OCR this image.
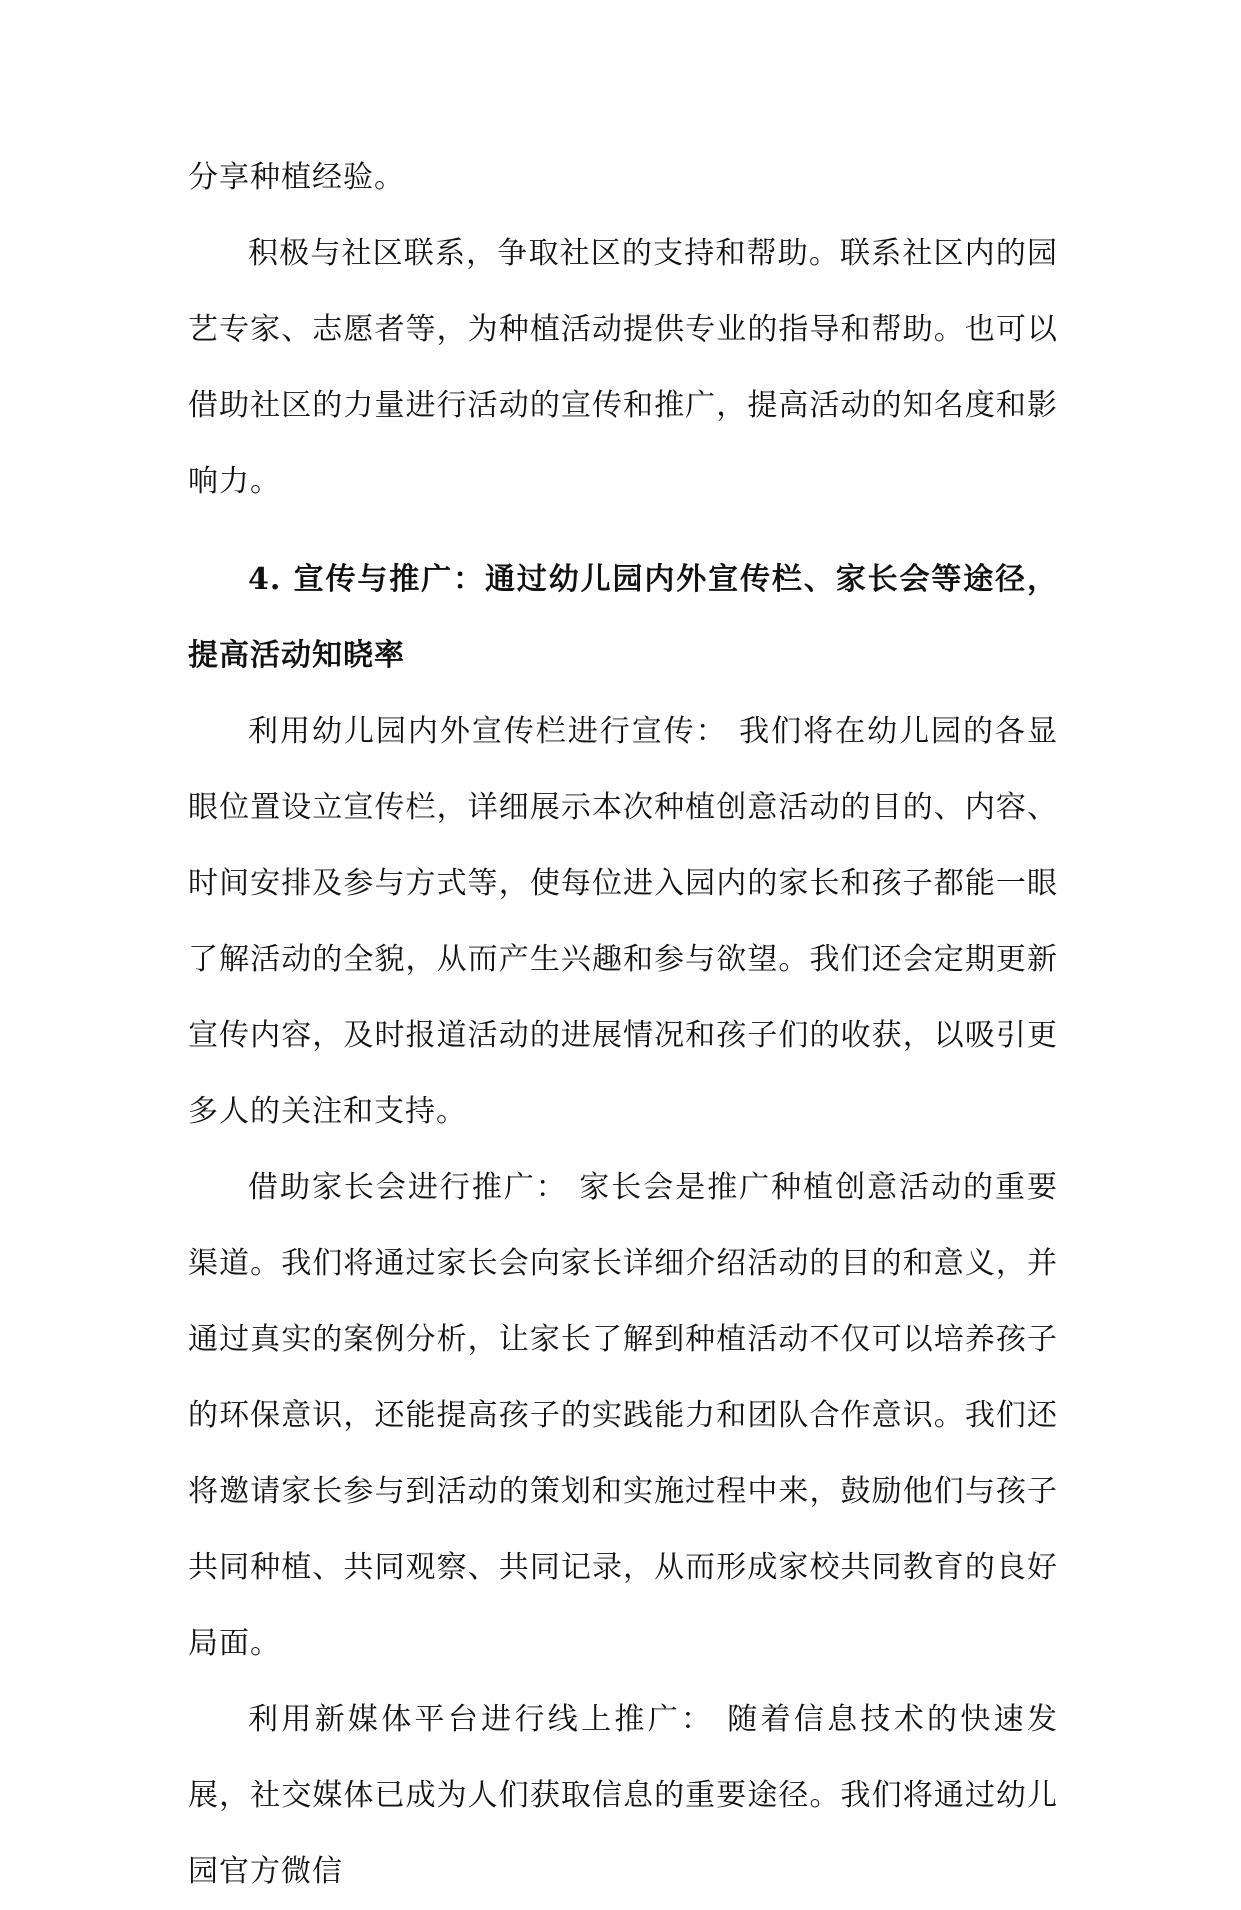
分享种植经验。

积极与社区联系，争取社区的支持和帮助。联系社区内的园艺专家、志愿者等，为种植活动提供专业的指导和帮助。也可以借助社区的力量进行活动的宣传和推广，提高活动的知名度和影响力。

4. 宣传与推广：通过幼儿园内外宣传栏、家长会等途径，提高活动知晓率

利用幼儿园内外宣传栏进行宣传： 我们将在幼儿园的各显眼位置设立宣传栏，详细展示本次种植创意活动的目的、内容、时间安排及参与方式等，使每位进入园内的家长和孩子都能一眼了解活动的全貌，从而产生兴趣和参与欲望。我们还会定期更新宣传内容，及时报道活动的进展情况和孩子们的收获，以吸引更多人的关注和支持。

借助家长会进行推广： 家长会是推广种植创意活动的重要渠道。我们将通过家长会向家长详细介绍活动的目的和意义，并通过真实的案例分析，让家长了解到种植活动不仅可以培养孩子的环保意识，还能提高孩子的实践能力和团队合作意识。我们还将邀请家长参与到活动的策划和实施过程中来，鼓励他们与孩子共同种植、共同观察、共同记录，从而形成家校共同教育的良好局面。

利用新媒体平台进行线上推广： 随着信息技术的快速发展，社交媒体已成为人们获取信息的重要途径。我们将通过幼儿园官方微信
